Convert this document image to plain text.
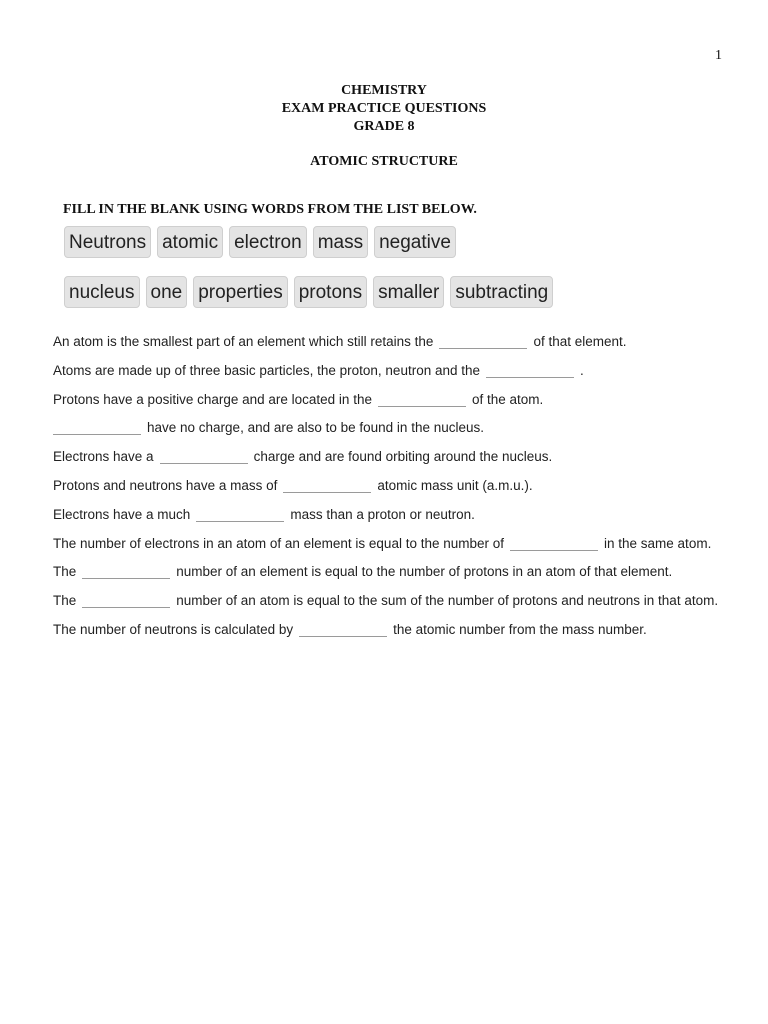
1
CHEMISTRY
EXAM PRACTICE QUESTIONS
GRADE 8
ATOMIC STRUCTURE
FILL IN THE BLANK USING WORDS FROM THE LIST BELOW.
Neutrons atomic electron mass negative
nucleus one properties protons smaller subtracting
An atom is the smallest part of an element which still retains the	of that element.
Atoms are made up of three basic particles, the proton, neutron and the	.
Protons have a positive charge and are located in the	of the atom.
have no charge, and are also to be found in the nucleus.
Electrons have a	charge and are found orbiting around the nucleus.
Protons and neutrons have a mass of	atomic mass unit (a.m.u.).
Electrons have a much	mass than a proton or neutron.
The number of electrons in an atom of an element is equal to the number of	in the same atom.
The	number of an element is equal to the number of protons in an atom of that element.
The	number of an atom is equal to the sum of the number of protons and neutrons in that atom.
The number of neutrons is calculated by	the atomic number from the mass number.
